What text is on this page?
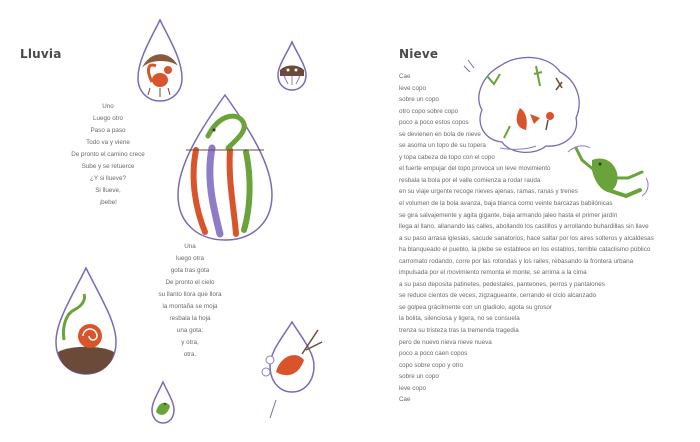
Lluvia
Uno
Luego otro
Paso a paso
Todo va y viene
De pronto el camino crece
Sube y se retuerce
¿Y si llueve?
Si llueve,
¡bebe!
Una
luego otra
gota tras gota
De pronto el cielo
su llanto llora que llora
la montaña se moja
resbala la hoja
una gota:
y otra,
otra.
Nieve
Cae
leve copo
sobre un copo
otro copo sobre copo
poco a poco estos copos
se devienen en bola de nieve
se asoma un topo de su topera
y topa cabeza de topo con el copo
el fuerte empujar del topo provoca un leve movimiento
resbala la bola por el valle comienza a rodar rauda
en su viaje urgente recoge nieves ajenas, ramas, ranas y trenes
el volumen de la bola avanza, baja blanca como veinte barcazas babilónicas
se gira salvajemente y agita gigante, baja armando jaleo hasta el primer jardín
llega al llano, allanando las calles, abollando los castillos y arrollando buhardillas sin llave
a su paso arrasa iglesias, sacude sanatorios, hace saltar por los aires solteros y alcaldesas
ha blanqueado el pueblo, la plebe se establece en los establos, terrible cataclismo público
carromato rodando, corre por las rotondas y los railes, rebasando la frontera urbana
impulsada por el movimiento remonta el monte, se arrima a la cima
a su paso deposita patinetes, pedestales, panteones, perros y pantalones
se reduce cientos de veces, zigzagueante, cerrando el ciclo alcanzado
se golpea grácilmente con un gladiolo, agota su grosor
la bolita, silenciosa y ligera, no se consuela
trenza su tristeza tras la tremenda tragedia
pero de nuevo nieva nieve nueva
poco a poco caen copos
copo sobre copo y otro
sobre un copo
leve copo
Cae
